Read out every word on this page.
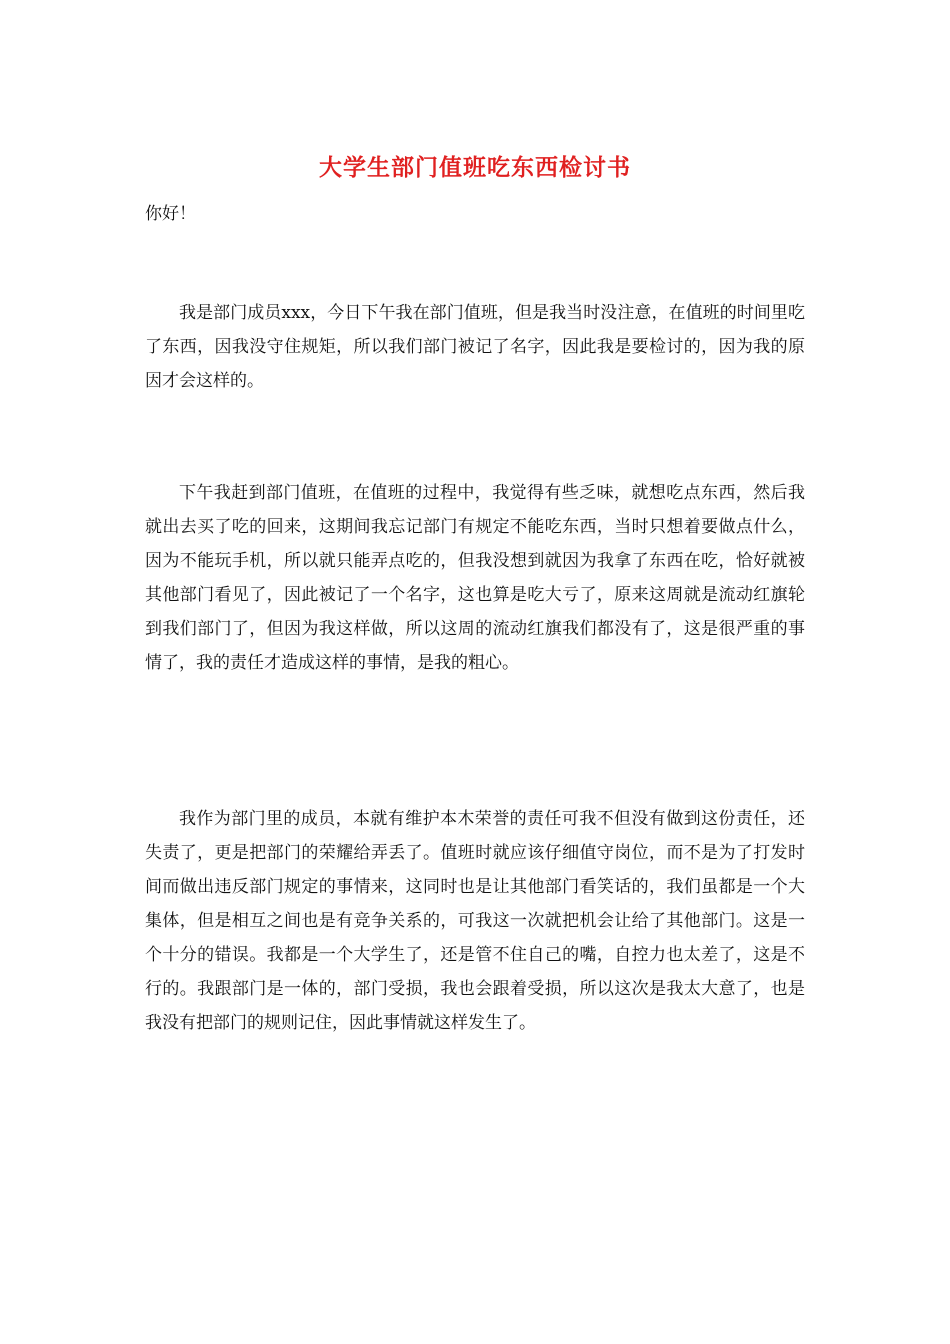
大学生部门值班吃东西检讨书
你好！

我是部门成员xxx，今日下午我在部门值班，但是我当时没注意，在值班的时间里吃了东西，因我没守住规矩，所以我们部门被记了名字，因此我是要检讨的，因为我的原因才会这样的。

下午我赶到部门值班，在值班的过程中，我觉得有些乏味，就想吃点东西，然后我就出去买了吃的回来，这期间我忘记部门有规定不能吃东西，当时只想着要做点什么，因为不能玩手机，所以就只能弄点吃的，但我没想到就因为我拿了东西在吃，恰好就被其他部门看见了，因此被记了一个名字，这也算是吃大亏了，原来这周就是流动红旗轮到我们部门了，但因为我这样做，所以这周的流动红旗我们都没有了，这是很严重的事情了，我的责任才造成这样的事情，是我的粗心。

我作为部门里的成员，本就有维护本木荣誉的责任可我不但没有做到这份责任，还失责了，更是把部门的荣耀给弄丢了。值班时就应该仔细值守岗位，而不是为了打发时间而做出违反部门规定的事情来，这同时也是让其他部门看笑话的，我们虽都是一个大集体，但是相互之间也是有竞争关系的，可我这一次就把机会让给了其他部门。这是一个十分的错误。我都是一个大学生了，还是管不住自己的嘴，自控力也太差了，这是不行的。我跟部门是一体的，部门受损，我也会跟着受损，所以这次是我太大意了，也是我没有把部门的规则记住，因此事情就这样发生了。
